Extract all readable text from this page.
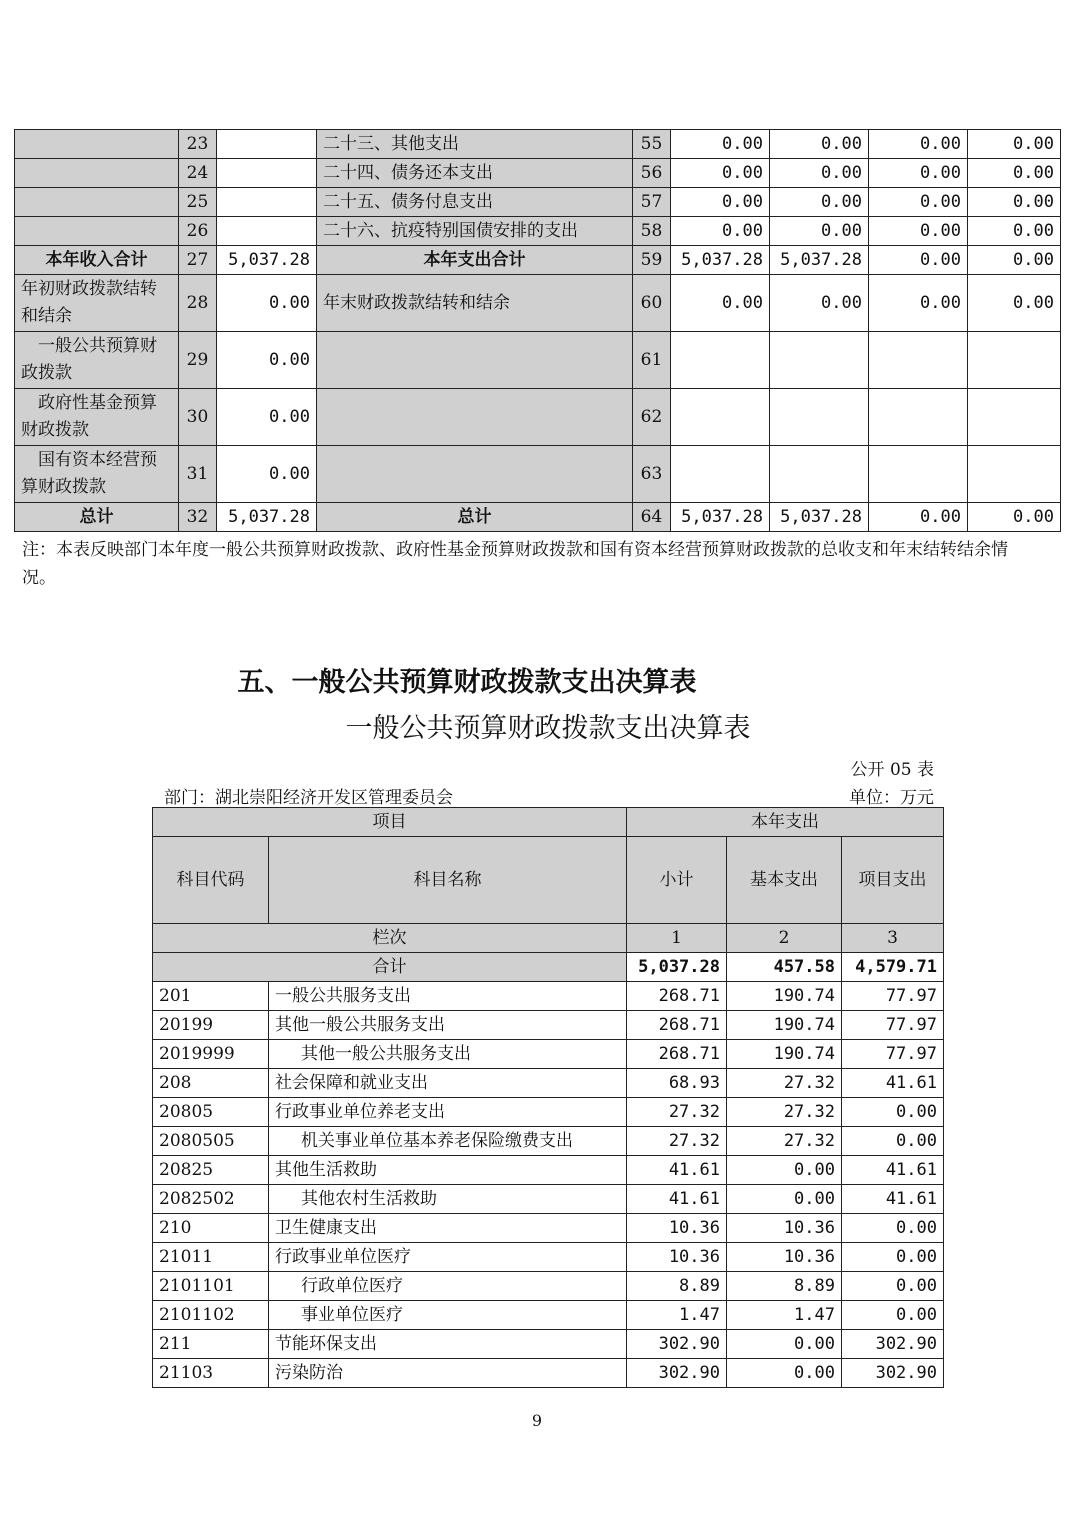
	23		二十三、其他支出	55	0.00	0.00	0.00	0.00
	24		二十四、债务还本支出	56	0.00	0.00	0.00	0.00
	25		二十五、债务付息支出	57	0.00	0.00	0.00	0.00
	26		二十六、抗疫特别国债安排的支出	58	0.00	0.00	0.00	0.00
本年收入合计	27	5,037.28	本年支出合计	59	5,037.28	5,037.28	0.00	0.00
年初财政拨款结转和结余	28	0.00	年末财政拨款结转和结余	60	0.00	0.00	0.00	0.00
一般公共预算财政拨款	29	0.00		61				
政府性基金预算财政拨款	30	0.00		62				
国有资本经营预算财政拨款	31	0.00		63				
总计	32	5,037.28	总计	64	5,037.28	5,037.28	0.00	0.00
注：本表反映部门本年度一般公共预算财政拨款、政府性基金预算财政拨款和国有资本经营预算财政拨款的总收支和年末结转结余情况。
五、一般公共预算财政拨款支出决算表
一般公共预算财政拨款支出决算表
公开 05 表
部门：湖北崇阳经济开发区管理委员会	单位：万元
项目		本年支出		
科目代码	科目名称	小计	基本支出	项目支出
栏次		1	2	3
合计		5,037.28	457.58	4,579.71
201	一般公共服务支出	268.71	190.74	77.97
20199	其他一般公共服务支出	268.71	190.74	77.97
2019999	其他一般公共服务支出	268.71	190.74	77.97
208	社会保障和就业支出	68.93	27.32	41.61
20805	行政事业单位养老支出	27.32	27.32	0.00
2080505	机关事业单位基本养老保险缴费支出	27.32	27.32	0.00
20825	其他生活救助	41.61	0.00	41.61
2082502	其他农村生活救助	41.61	0.00	41.61
210	卫生健康支出	10.36	10.36	0.00
21011	行政事业单位医疗	10.36	10.36	0.00
2101101	行政单位医疗	8.89	8.89	0.00
2101102	事业单位医疗	1.47	1.47	0.00
211	节能环保支出	302.90	0.00	302.90
21103	污染防治	302.90	0.00	302.90
9
